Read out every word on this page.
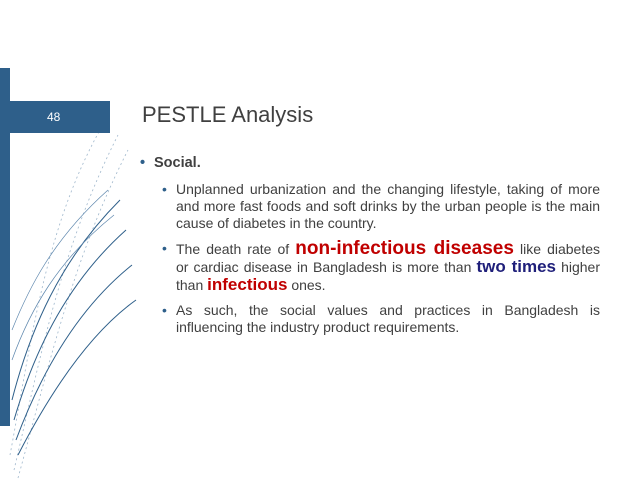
48	PESTLE Analysis
• Social.
• Unplanned urbanization and the changing lifestyle, taking of more and more fast foods and soft drinks by the urban people is the main cause of diabetes in the country.
• The death rate of non-infectious diseases like diabetes or cardiac disease in Bangladesh is more than two times higher than infectious ones.
• As such, the social values and practices in Bangladesh is influencing the industry product requirements.
